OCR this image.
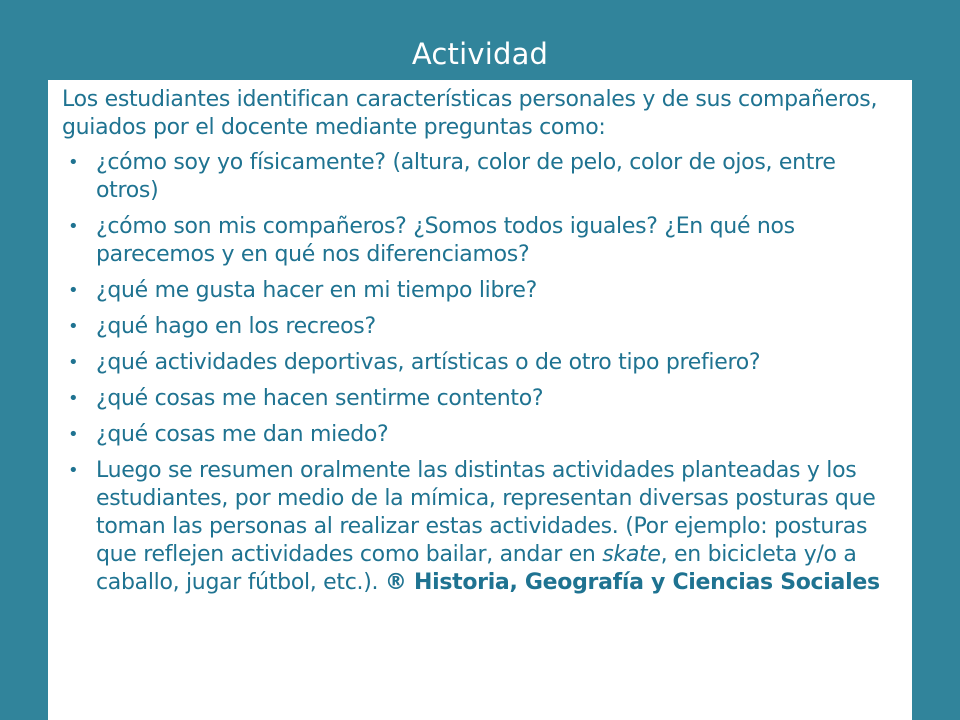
Actividad

Los estudiantes identifican características personales y de sus compañeros, guiados por el docente mediante preguntas como:

• ¿cómo soy yo físicamente? (altura, color de pelo, color de ojos, entre otros)
• ¿cómo son mis compañeros? ¿Somos todos iguales? ¿En qué nos parecemos y en qué nos diferenciamos?
• ¿qué me gusta hacer en mi tiempo libre?
• ¿qué hago en los recreos?
• ¿qué actividades deportivas, artísticas o de otro tipo prefiero?
• ¿qué cosas me hacen sentirme contento?
• ¿qué cosas me dan miedo?
• Luego se resumen oralmente las distintas actividades planteadas y los estudiantes, por medio de la mímica, representan diversas posturas que toman las personas al realizar estas actividades. (Por ejemplo: posturas que reflejen actividades como bailar, andar en skate, en bicicleta y/o a caballo, jugar fútbol, etc.). ® Historia, Geografía y Ciencias Sociales
